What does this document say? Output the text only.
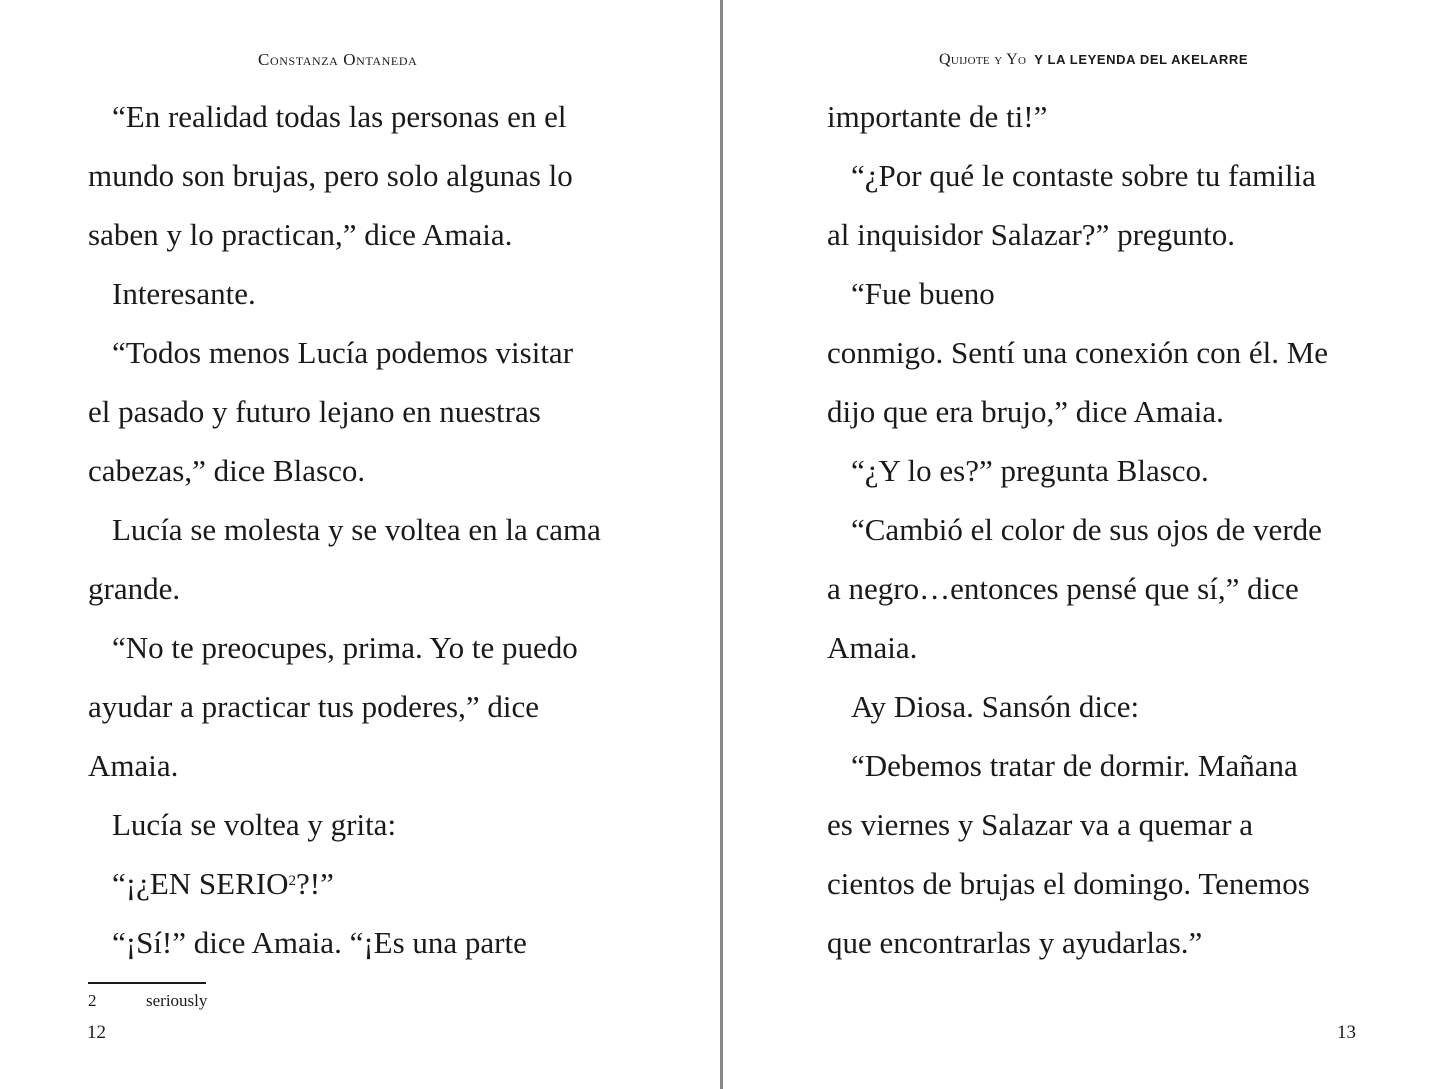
Constanza Ontaneda
“En realidad todas las personas en el
mundo son brujas, pero solo algunas lo
saben y lo practican,” dice Amaia.
Interesante.
“Todos menos Lucía podemos visitar
el pasado y futuro lejano en nuestras
cabezas,” dice Blasco.
Lucía se molesta y se voltea en la cama
grande.
“No te preocupes, prima. Yo te puedo
ayudar a practicar tus poderes,” dice
Amaia.
Lucía se voltea y grita:
“¡¿EN SERIO$^2$?!”
“¡Sí!” dice Amaia. “¡Es una parte
2	seriously
12
Quijote y Yo Y LA LEYENDA DEL AKELARRE
importante de ti!”
“¿Por qué le contaste sobre tu familia
al inquisidor Salazar?” pregunto.
“Fue bueno
conmigo. Sentí una conexión con él. Me
dijo que era brujo,” dice Amaia.
“¿Y lo es?” pregunta Blasco.
“Cambió el color de sus ojos de verde
a negro…entonces pensé que sí,” dice
Amaia.
Ay Diosa. Sansón dice:
“Debemos tratar de dormir. Mañana
es viernes y Salazar va a quemar a
cientos de brujas el domingo. Tenemos
que encontrarlas y ayudarlas.”
13
